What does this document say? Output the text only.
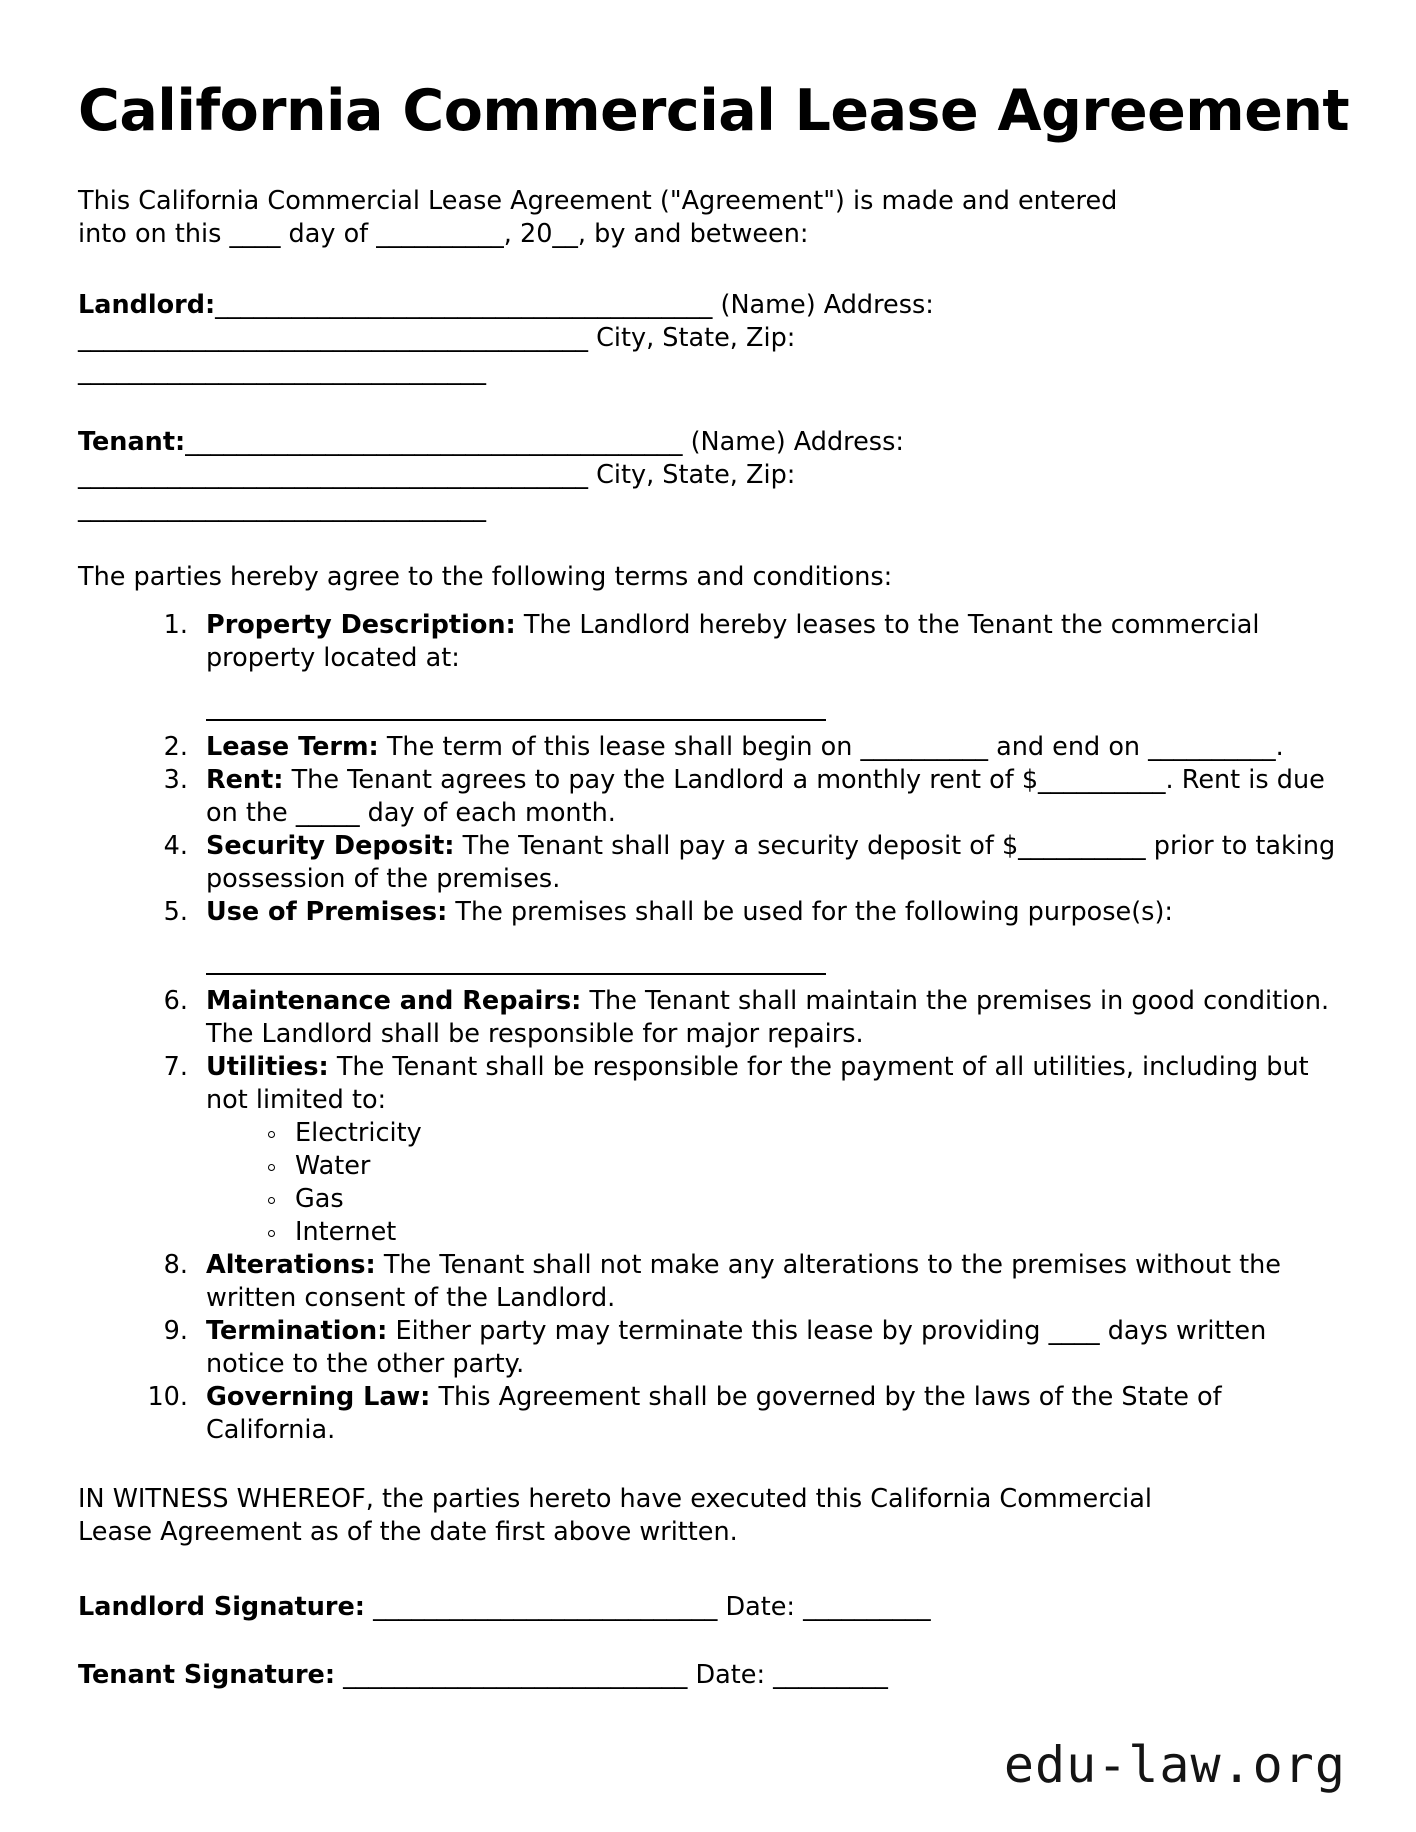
California Commercial Lease Agreement

This California Commercial Lease Agreement ("Agreement") is made and entered into on this ____ day of __________, 20__, by and between:

Landlord:_______________________________________ (Name) Address: ________________________________________ City, State, Zip: ________________________________
Tenant:_______________________________________ (Name) Address: ________________________________________ City, State, Zip: ________________________________

The parties hereby agree to the following terms and conditions:

Property Description: The Landlord hereby leases to the Tenant the commercial property located at:
Lease Term: The term of this lease shall begin on __________ and end on __________.
Rent: The Tenant agrees to pay the Landlord a monthly rent of $__________. Rent is due on the _____ day of each month.
Security Deposit: The Tenant shall pay a security deposit of $__________ prior to taking possession of the premises.
Use of Premises: The premises shall be used for the following purpose(s):
Maintenance and Repairs: The Tenant shall maintain the premises in good condition. The Landlord shall be responsible for major repairs.
Utilities: The Tenant shall be responsible for the payment of all utilities, including but not limited to:
Electricity
Water
Gas
Internet
Alterations: The Tenant shall not make any alterations to the premises without the written consent of the Landlord.
Termination: Either party may terminate this lease by providing ____ days written notice to the other party.
Governing Law: This Agreement shall be governed by the laws of the State of California.

IN WITNESS WHEREOF, the parties hereto have executed this California Commercial Lease Agreement as of the date first above written.

Landlord Signature: ___________________________ Date: __________
Tenant Signature: ___________________________ Date: _________
edu-law.org
